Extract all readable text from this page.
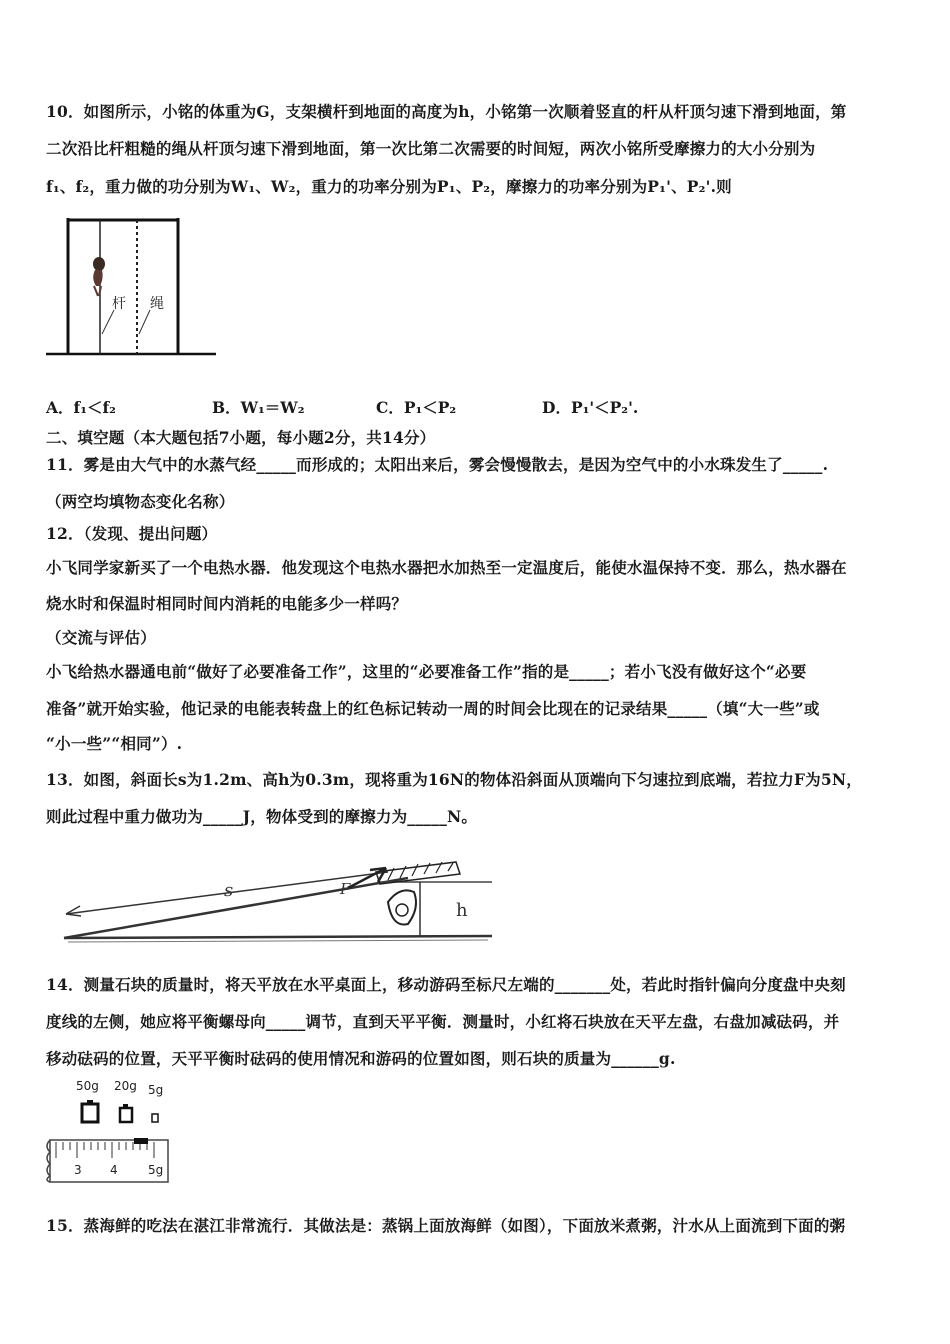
10．如图所示，小铭的体重为G，支架横杆到地面的高度为h，小铭第一次顺着竖直的杆从杆顶匀速下滑到地面，第
二次沿比杆粗糙的绳从杆顶匀速下滑到地面，第一次比第二次需要的时间短，两次小铭所受摩擦力的大小分别为
f₁、f₂，重力做的功分别为W₁、W₂，重力的功率分别为P₁、P₂，摩擦力的功率分别为P₁'、P₂'.则
杆 绳
A．f₁＜f₂	B．W₁＝W₂	C．P₁＜P₂	D．P₁'＜P₂'.
二、填空题（本大题包括7小题，每小题2分，共14分）
11．雾是由大气中的水蒸气经_____而形成的；太阳出来后，雾会慢慢散去，是因为空气中的小水珠发生了_____.
（两空均填物态变化名称）
12．（发现、提出问题）
小飞同学家新买了一个电热水器．他发现这个电热水器把水加热至一定温度后，能使水温保持不变．那么，热水器在
烧水时和保温时相同时间内消耗的电能多少一样吗？
（交流与评估）
小飞给热水器通电前“做好了必要准备工作”，这里的“必要准备工作”指的是_____；若小飞没有做好这个“必要
准备”就开始实验，他记录的电能表转盘上的红色标记转动一周的时间会比现在的记录结果_____（填“大一些”或
“小一些”“相同”）.
13．如图，斜面长s为1.2m、高h为0.3m，现将重为16N的物体沿斜面从顶端向下匀速拉到底端，若拉力F为5N，
则此过程中重力做功为_____J，物体受到的摩擦力为_____N。
s	F
h
14．测量石块的质量时，将天平放在水平桌面上，移动游码至标尺左端的_______处，若此时指针偏向分度盘中央刻
度线的左侧，她应将平衡螺母向_____调节，直到天平平衡．测量时，小红将石块放在天平左盘，右盘加减砝码，并
移动砝码的位置，天平平衡时砝码的使用情况和游码的位置如图，则石块的质量为______g.
50g 20g 5g
3 4	5g
15．蒸海鲜的吃法在湛江非常流行．其做法是：蒸锅上面放海鲜（如图），下面放米煮粥，汁水从上面流到下面的粥
